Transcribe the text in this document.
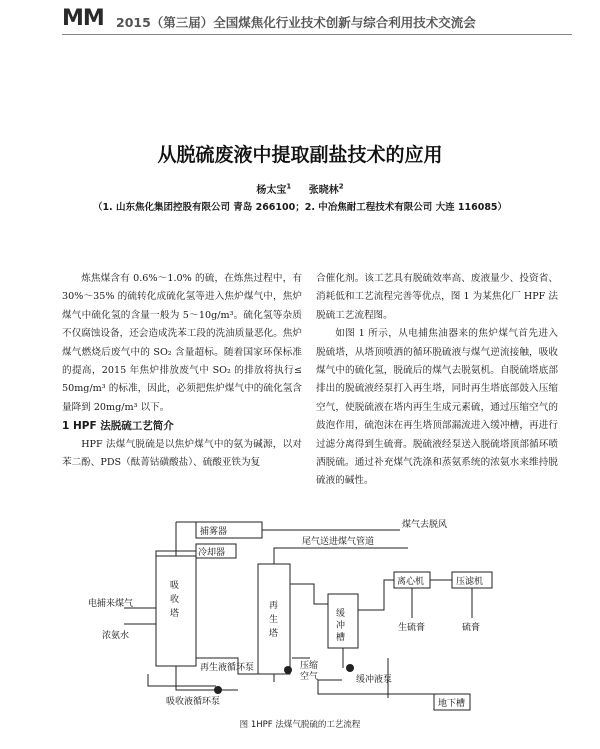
MM 2015（第三届）全国煤焦化行业技术创新与综合利用技术交流会
从脱硫废液中提取副盐技术的应用
杨太宝$^1$ 张晓林$^2$
（1. 山东焦化集团控股有限公司 青岛 266100；2. 中冶焦耐工程技术有限公司 大连 116085）

炼焦煤含有 0.6%～1.0% 的硫，在炼焦过程中，有 30%～35% 的硫转化成硫化氢等进入焦炉煤气中，焦炉煤气中硫化氢的含量一般为 5～10g/m³。硫化氢等杂质不仅腐蚀设备，还会造成洗苯工段的洗油质量恶化。焦炉煤气燃烧后废气中的 SO₂ 含量超标。随着国家环保标准的提高，2015 年焦炉排放废气中 SO₂ 的排放将执行≤ 50mg/m³ 的标准，因此，必须把焦炉煤气中的硫化氢含量降到 20mg/m³ 以下。

1 HPF 法脱硫工艺简介

HPF 法煤气脱硫是以焦炉煤气中的氨为碱源，以对苯二酚、PDS（酞菁钴磺酸盐）、硫酸亚铁为复

合催化剂。该工艺具有脱硫效率高、废液量少、投资省、消耗低和工艺流程完善等优点，图 1 为某焦化厂 HPF 法脱硫工艺流程图。

如图 1 所示，从电捕焦油器来的焦炉煤气首先进入脱硫塔，从塔顶喷洒的循环脱硫液与煤气逆流接触，吸收煤气中的硫化氢，脱硫后的煤气去脱氨机。自脱硫塔底部排出的脱硫液经泵打入再生塔，同时再生塔底部鼓入压缩空气，使脱硫液在塔内再生生成元素硫，通过压缩空气的鼓泡作用，硫泡沫在再生塔顶部漏流进入缓冲槽，再进行过滤分离得到生硫膏。脱硫液经泵送入脱硫塔顶部循环喷洒脱硫。通过补充煤气洗涤和蒸氨系统的浓氨水来维持脱硫液的碱性。

捕雾器
冷却器
煤气去脱风
尾气送进煤气管道
吸收塔
再生塔
缓冲槽
离心机	压滤机
生硫膏	硫膏
电捕来煤气
浓氨水
再生液循环泵	压缩空气	缓冲液泵
吸收液循环泵	地下槽
图 1HPF 法煤气脱硫的工艺流程
